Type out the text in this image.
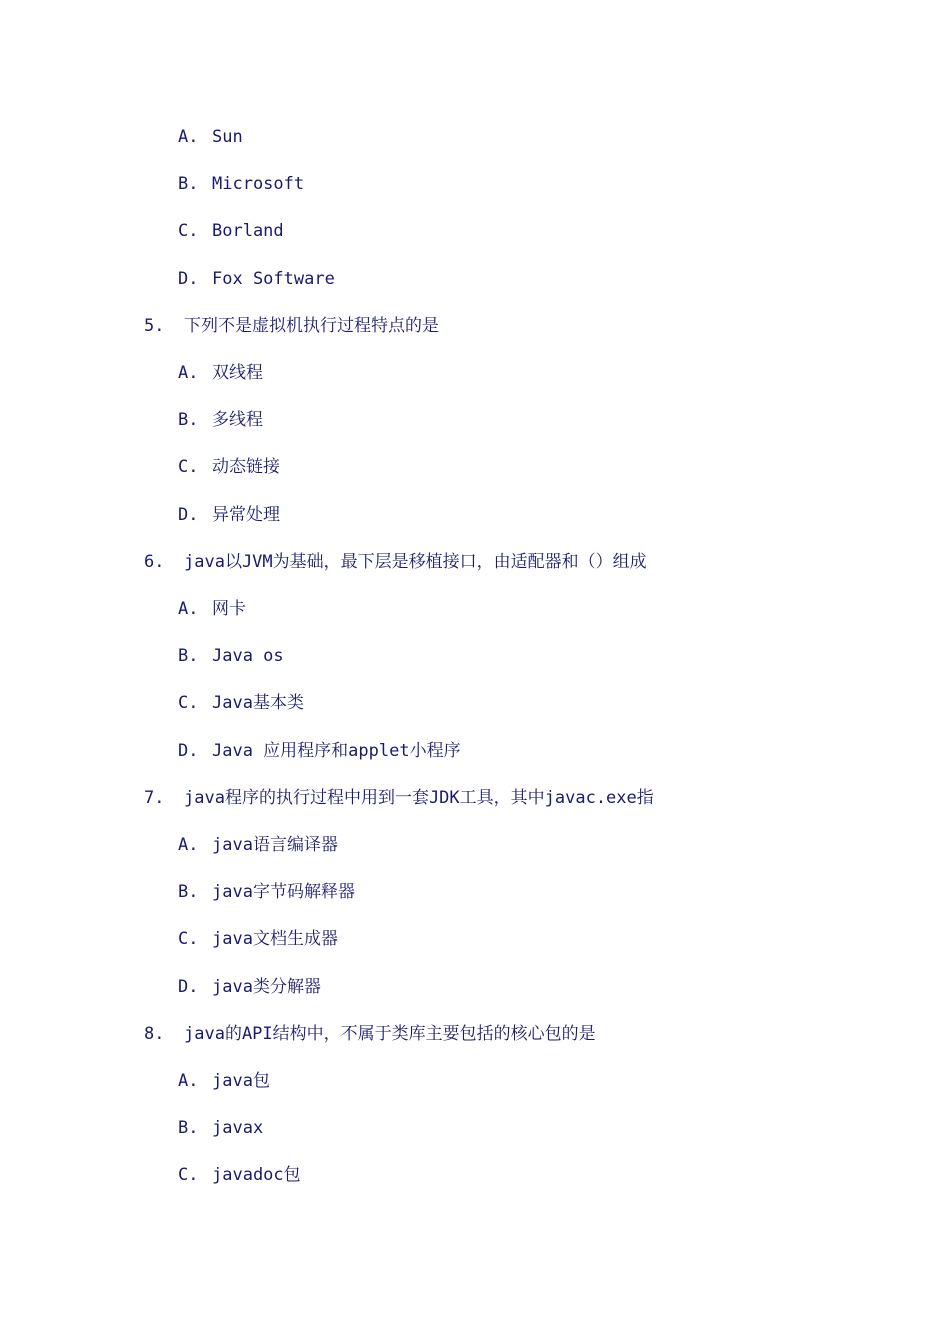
A. Sun
B. Microsoft
C. Borland
D. Fox Software
5. 下列不是虚拟机执行过程特点的是
A. 双线程
B. 多线程
C. 动态链接
D. 异常处理
6. java以JVM为基础，最下层是移植接口，由适配器和（）组成
A. 网卡
B. Java os
C. Java基本类
D. Java 应用程序和applet小程序
7. java程序的执行过程中用到一套JDK工具，其中javac.exe指
A. java语言编译器
B. java字节码解释器
C. java文档生成器
D. java类分解器
8. java的API结构中，不属于类库主要包括的核心包的是
A. java包
B. javax
C. javadoc包
